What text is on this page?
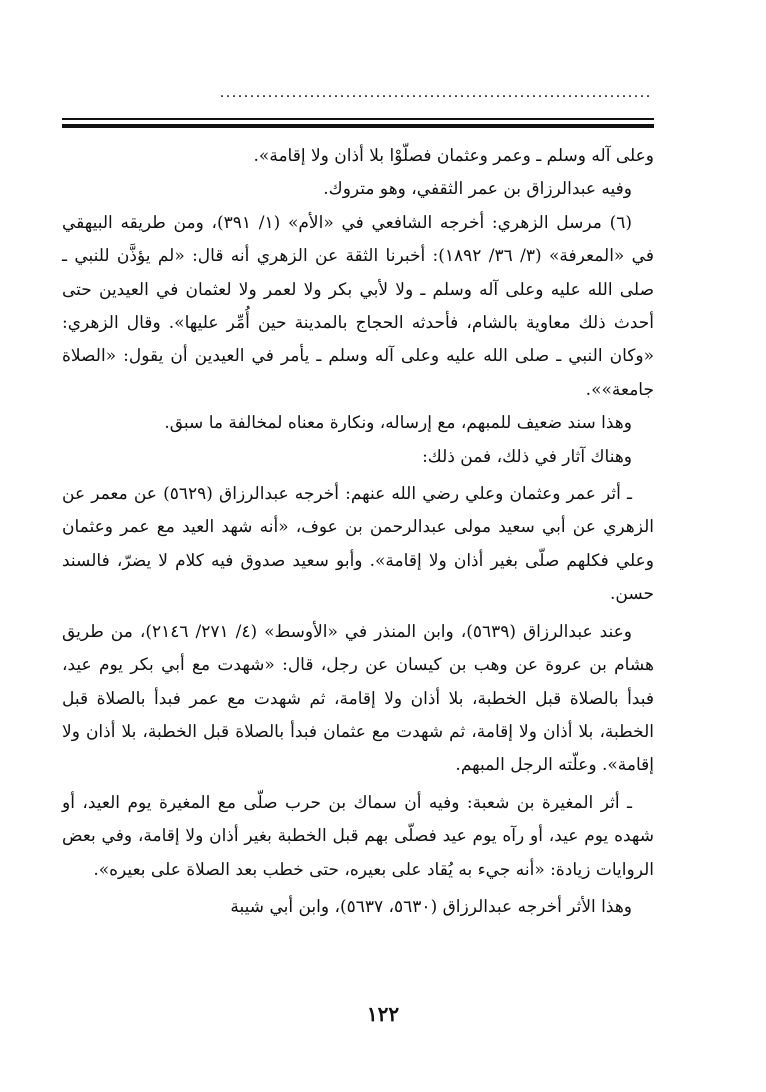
........................................................................

وعلى آله وسلم ـ وعمر وعثمان فصلّوْا بلا أذان ولا إقامة».

وفيه عبدالرزاق بن عمر الثقفي، وهو متروك.

(٦) مرسل الزهري: أخرجه الشافعي في «الأم» (١/ ٣٩١)، ومن طريقه البيهقي في «المعرفة» (٣/ ٣٦/ ١٨٩٢): أخبرنا الثقة عن الزهري أنه قال: «لم يؤذَّن للنبي ـ صلى الله عليه وعلى آله وسلم ـ ولا لأبي بكر ولا لعمر ولا لعثمان في العيدين حتى أحدث ذلك معاوية بالشام، فأحدثه الحجاج بالمدينة حين أُمِّر عليها». وقال الزهري: «وكان النبي ـ صلى الله عليه وعلى آله وسلم ـ يأمر في العيدين أن يقول: «الصلاة جامعة»».

وهذا سند ضعيف للمبهم، مع إرساله، ونكارة معناه لمخالفة ما سبق.

وهناك آثار في ذلك، فمن ذلك:

ـ أثر عمر وعثمان وعلي رضي الله عنهم: أخرجه عبدالرزاق (٥٦٢٩) عن معمر عن الزهري عن أبي سعيد مولى عبدالرحمن بن عوف، «أنه شهد العيد مع عمر وعثمان وعلي فكلهم صلّى بغير أذان ولا إقامة». وأبو سعيد صدوق فيه كلام لا يضرّ، فالسند حسن.

وعند عبدالرزاق (٥٦٣٩)، وابن المنذر في «الأوسط» (٤/ ٢٧١/ ٢١٤٦)، من طريق هشام بن عروة عن وهب بن كيسان عن رجل، قال: «شهدت مع أبي بكر يوم عيد، فبدأ بالصلاة قبل الخطبة، بلا أذان ولا إقامة، ثم شهدت مع عمر فبدأ بالصلاة قبل الخطبة، بلا أذان ولا إقامة، ثم شهدت مع عثمان فبدأ بالصلاة قبل الخطبة، بلا أذان ولا إقامة». وعلّته الرجل المبهم.

ـ أثر المغيرة بن شعبة: وفيه أن سماك بن حرب صلّى مع المغيرة يوم العيد، أو شهده يوم عيد، أو رآه يوم عيد فصلّى بهم قبل الخطبة بغير أذان ولا إقامة، وفي بعض الروايات زيادة: «أنه جيء به يُقاد على بعيره، حتى خطب بعد الصلاة على بعيره».

وهذا الأثر أخرجه عبدالرزاق (٥٦٣٠، ٥٦٣٧)، وابن أبي شيبة

١٢٢
